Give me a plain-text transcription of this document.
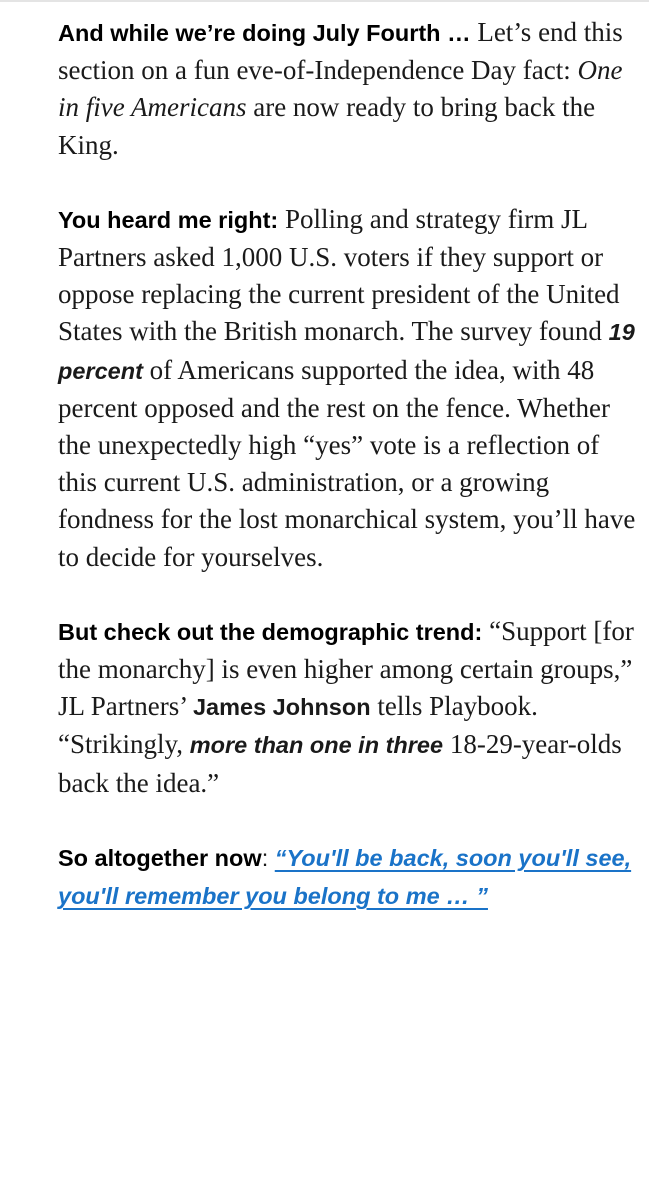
And while we’re doing July Fourth … Let’s end this section on a fun eve-of-Independence Day fact: One in five Americans are now ready to bring back the King.

You heard me right: Polling and strategy firm JL Partners asked 1,000 U.S. voters if they support or oppose replacing the current president of the United States with the British monarch. The survey found 19 percent of Americans supported the idea, with 48 percent opposed and the rest on the fence. Whether the unexpectedly high “yes” vote is a reflection of this current U.S. administration, or a growing fondness for the lost monarchical system, you’ll have to decide for yourselves.

But check out the demographic trend: “Support [for the monarchy] is even higher among certain groups,” JL Partners’ James Johnson tells Playbook. “Strikingly, more than one in three 18-29-year-olds back the idea.”

So altogether now: “You'll be back, soon you'll see, you'll remember you belong to me … ”
